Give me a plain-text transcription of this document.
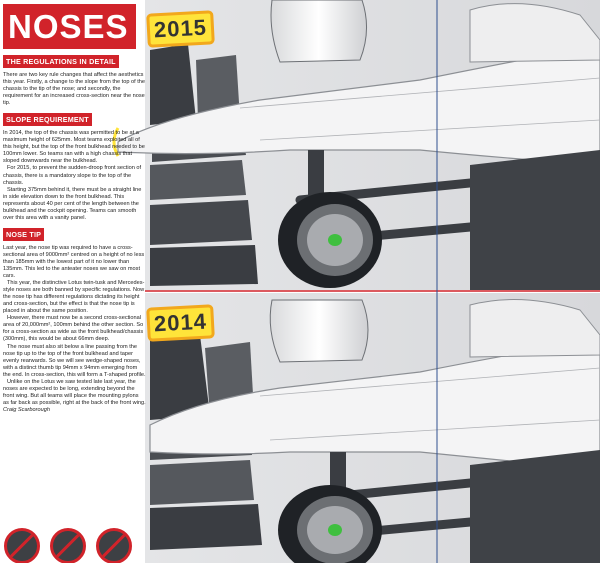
2015
2014
NOSES
THE REGULATIONS IN DETAIL

There are two key rule changes that affect the aesthetics this year. Firstly, a change to the slope from the top of the chassis to the tip of the nose; and secondly, the requirement for an increased cross-section near the nose tip.

SLOPE REQUIREMENT

In 2014, the top of the chassis was permitted to be at a maximum height of 625mm. Most teams exploited all of this height, but the top of the front bulkhead needed to be 100mm lower. So teams ran with a high chassis that sloped downwards near the bulkhead.

For 2015, to prevent the sudden-droop front section of chassis, there is a mandatory slope to the top of the chassis.

Starting 375mm behind it, there must be a straight line in side elevation down to the front bulkhead. This represents about 40 per cent of the length between the bulkhead and the cockpit opening. Teams can smooth over this area with a vanity panel.

NOSE TIP

Last year, the nose tip was required to have a cross-sectional area of 9000mm² centred on a height of no less than 185mm with the lowest part of it no lower than 135mm. This led to the anteater noses we saw on most cars.

This year, the distinctive Lotus twin-tusk and Mercedes-style noses are both banned by specific regulations. Now the nose tip has different regulations dictating its height and cross-section, but the effect is that the nose tip is placed in about the same position.

However, there must now be a second cross-sectional area of 20,000mm², 100mm behind the other section. So for a cross-section as wide as the front bulkhead/chassis (300mm), this would be about 66mm deep.

The nose must also sit below a line passing from the nose tip up to the top of the front bulkhead and taper evenly rearwards. So we will see wedge-shaped noses, with a distinct thumb tip 94mm x 94mm emerging from the end. In cross-section, this will form a T-shaped profile.

Unlike on the Lotus we saw tested late last year, the noses are expected to be long, extending beyond the front wing. But all teams will place the mounting pylons as far back as possible, right at the back of the front wing.

Craig Scarborough
